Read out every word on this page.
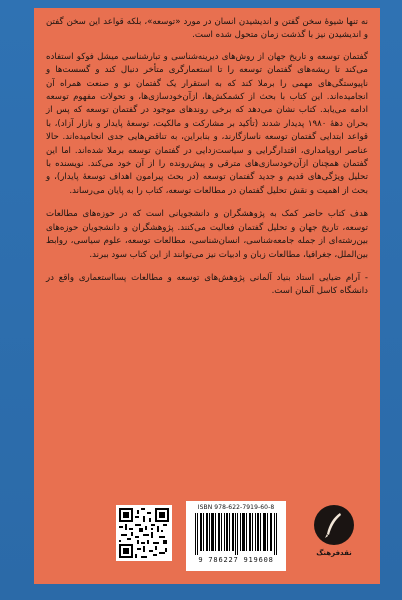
نه تنها شیوهٔ سخن گفتن و اندیشیدن انسان در مورد «توسعه»، بلکه قواعد این سخن گفتن و اندیشیدن نیز با گذشت زمان متحول شده است.

گفتمان توسعه و تاریخ جهان از روش‌های دیرینه‌شناسی و تبارشناسی میشل فوکو استفاده می‌کند تا ریشه‌های گفتمان توسعه را تا استعمارگری متأخر دنبال کند و گسست‌ها و ناپیوستگی‌های مهمی را برملا کند که به استقرار یک گفتمان نو و صنعت همراه آن انجامیده‌اند. این کتاب با بحث از کشمکش‌ها، ازآن‌خودسازی‌ها، و تحولات مفهوم توسعه ادامه می‌یابد. کتاب نشان می‌دهد که برخی روندهای موجود در گفتمان توسعه که پس از بحران دههٔ ۱۹۸۰ پدیدار شدند (تأکید بر مشارکت و مالکیت، توسعهٔ پایدار و بازار آزاد)، با قواعد ابتدایی گفتمان توسعه ناسازگارند، و بنابراین، به تناقض‌هایی جدی انجامیده‌اند. حالا عناصر اروپامداری، اقتدارگرایی و سیاست‌زدایی در گفتمان توسعه برملا شده‌اند. اما این گفتمان همچنان ازآن‌خودسازی‌های مترقی و پیش‌رونده را از آن خود می‌کند. نویسنده با تحلیل ویژگی‌های قدیم و جدید گفتمان توسعه (در بحث پیرامون اهداف توسعهٔ پایدار)، و بحث از اهمیت و نقش تحلیل گفتمان در مطالعات توسعه، کتاب را به پایان می‌رساند.

هدف کتاب حاضر کمک به پژوهشگران و دانشجویانی است که در حوزه‌های مطالعات توسعه، تاریخ جهان و تحلیل گفتمان فعالیت می‌کنند. پژوهشگران و دانشجویان حوزه‌های بین‌رشته‌ای از جمله جامعه‌شناسی، انسان‌شناسی، مطالعات توسعه، علوم سیاسی، روابط بین‌الملل، جغرافیا، مطالعات زبان و ادبیات نیز می‌توانند از این کتاب سود ببرند.

- آرام ضیایی استاد بنیاد آلمانی پژوهش‌های توسعه و مطالعات پسااستعماری واقع در دانشگاه کاسل آلمان است.

ISBN 978-622-7919-60-8
9 786227 919608
نقدفرهنگ
